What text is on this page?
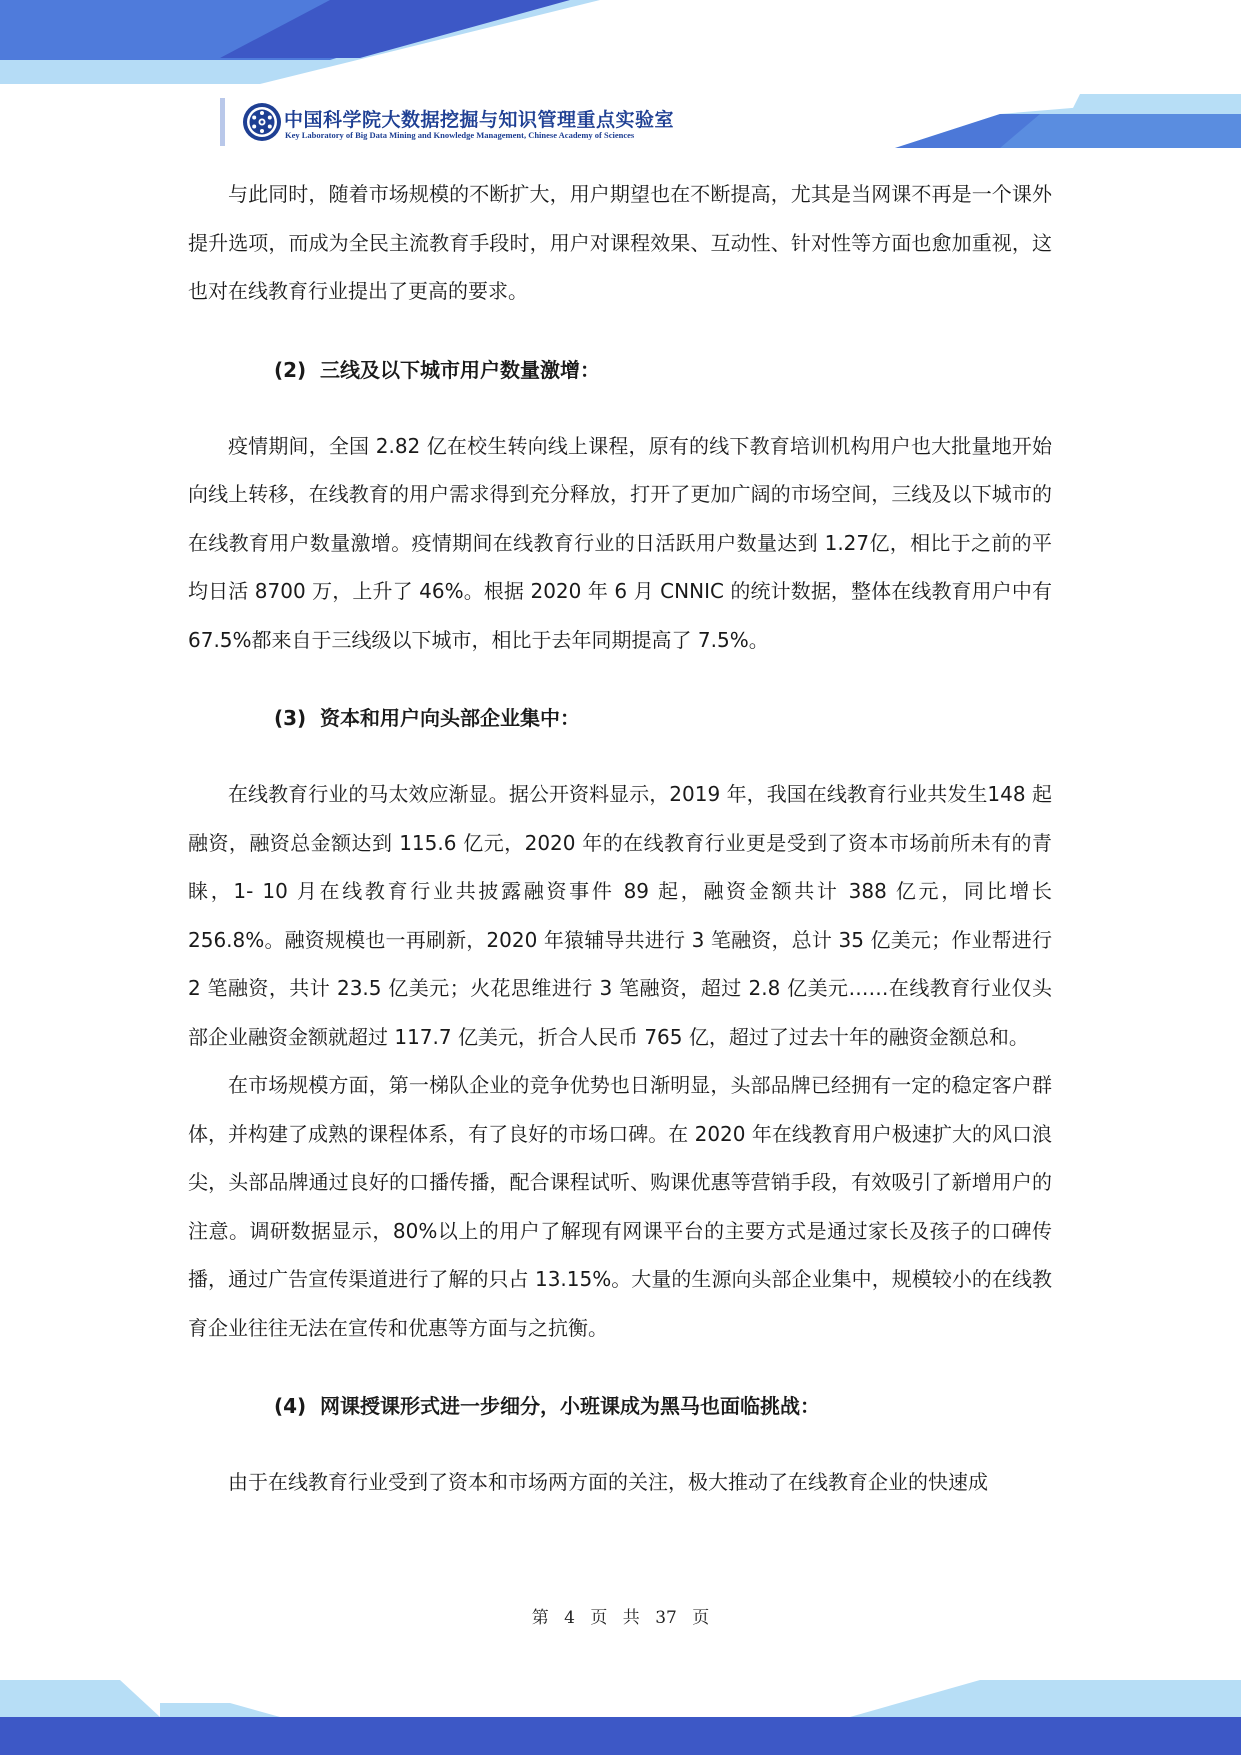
中国科学院大数据挖掘与知识管理重点实验室
Key Laboratory of Big Data Mining and Knowledge Management, Chinese Academy of Sciences

与此同时，随着市场规模的不断扩大，用户期望也在不断提高，尤其是当网课不再是一个课外提升选项，而成为全民主流教育手段时，用户对课程效果、互动性、针对性等方面也愈加重视，这也对在线教育行业提出了更高的要求。

(2) 三线及以下城市用户数量激增：

疫情期间，全国 2.82 亿在校生转向线上课程，原有的线下教育培训机构用户也大批量地开始向线上转移，在线教育的用户需求得到充分释放，打开了更加广阔的市场空间，三线及以下城市的在线教育用户数量激增。疫情期间在线教育行业的日活跃用户数量达到 1.27亿，相比于之前的平均日活 8700 万，上升了 46%。根据 2020 年 6 月 CNNIC 的统计数据，整体在线教育用户中有 67.5%都来自于三线级以下城市，相比于去年同期提高了 7.5%。

(3) 资本和用户向头部企业集中：

在线教育行业的马太效应渐显。据公开资料显示，2019 年，我国在线教育行业共发生148 起融资，融资总金额达到 115.6 亿元，2020 年的在线教育行业更是受到了资本市场前所未有的青睐，1- 10 月在线教育行业共披露融资事件 89 起，融资金额共计 388 亿元，同比增长 256.8%。融资规模也一再刷新，2020 年猿辅导共进行 3 笔融资，总计 35 亿美元；作业帮进行 2 笔融资，共计 23.5 亿美元；火花思维进行 3 笔融资，超过 2.8 亿美元……在线教育行业仅头部企业融资金额就超过 117.7 亿美元，折合人民币 765 亿，超过了过去十年的融资金额总和。

在市场规模方面，第一梯队企业的竞争优势也日渐明显，头部品牌已经拥有一定的稳定客户群体，并构建了成熟的课程体系，有了良好的市场口碑。在 2020 年在线教育用户极速扩大的风口浪尖，头部品牌通过良好的口播传播，配合课程试听、购课优惠等营销手段，有效吸引了新增用户的注意。调研数据显示，80%以上的用户了解现有网课平台的主要方式是通过家长及孩子的口碑传播，通过广告宣传渠道进行了解的只占 13.15%。大量的生源向头部企业集中，规模较小的在线教育企业往往无法在宣传和优惠等方面与之抗衡。

(4) 网课授课形式进一步细分，小班课成为黑马也面临挑战：

由于在线教育行业受到了资本和市场两方面的关注，极大推动了在线教育企业的快速成

第 4 页 共 37 页
